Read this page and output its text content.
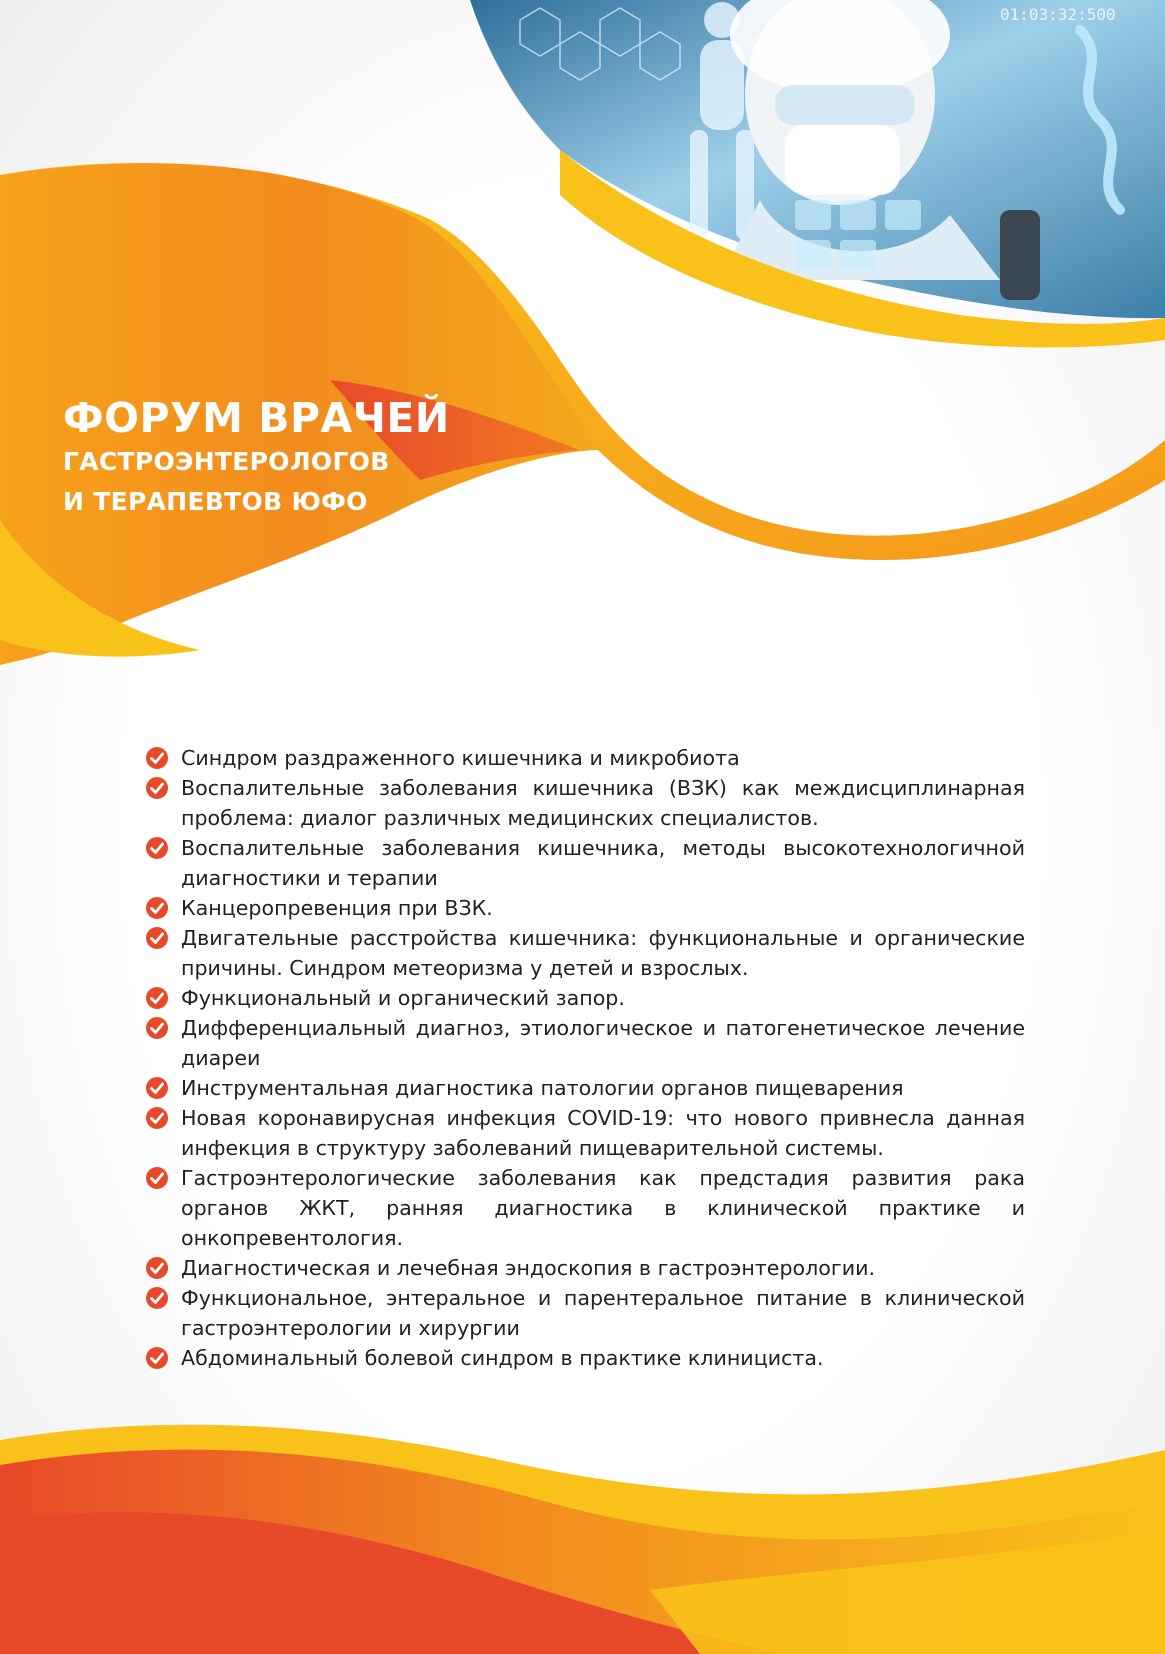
01:03:32:500
ФОРУМ ВРАЧЕЙ
ГАСТРОЭНТЕРОЛОГОВ
И ТЕРАПЕВТОВ ЮФО
Синдром раздраженного кишечника и микробиота
Воспалительные заболевания кишечника (ВЗК) как междисциплинарная проблема: диалог различных медицинских специалистов.
Воспалительные заболевания кишечника, методы высокотехнологичной диагностики и терапии
Канцеропревенция при ВЗК.
Двигательные расстройства кишечника: функциональные и органические причины. Синдром метеоризма у детей и взрослых.
Функциональный и органический запор.
Дифференциальный диагноз, этиологическое и патогенетическое лечение диареи
Инструментальная диагностика патологии органов пищеварения
Новая коронавирусная инфекция COVID-19: что нового привнесла данная инфекция в структуру заболеваний пищеварительной системы.
Гастроэнтерологические заболевания как предстадия развития рака органов ЖКТ, ранняя диагностика в клинической практике и онкопревентология.
Диагностическая и лечебная эндоскопия в гастроэнтерологии.
Функциональное, энтеральное и парентеральное питание в клинической гастроэнтерологии и хирургии
Абдоминальный болевой синдром в практике клинициста.
